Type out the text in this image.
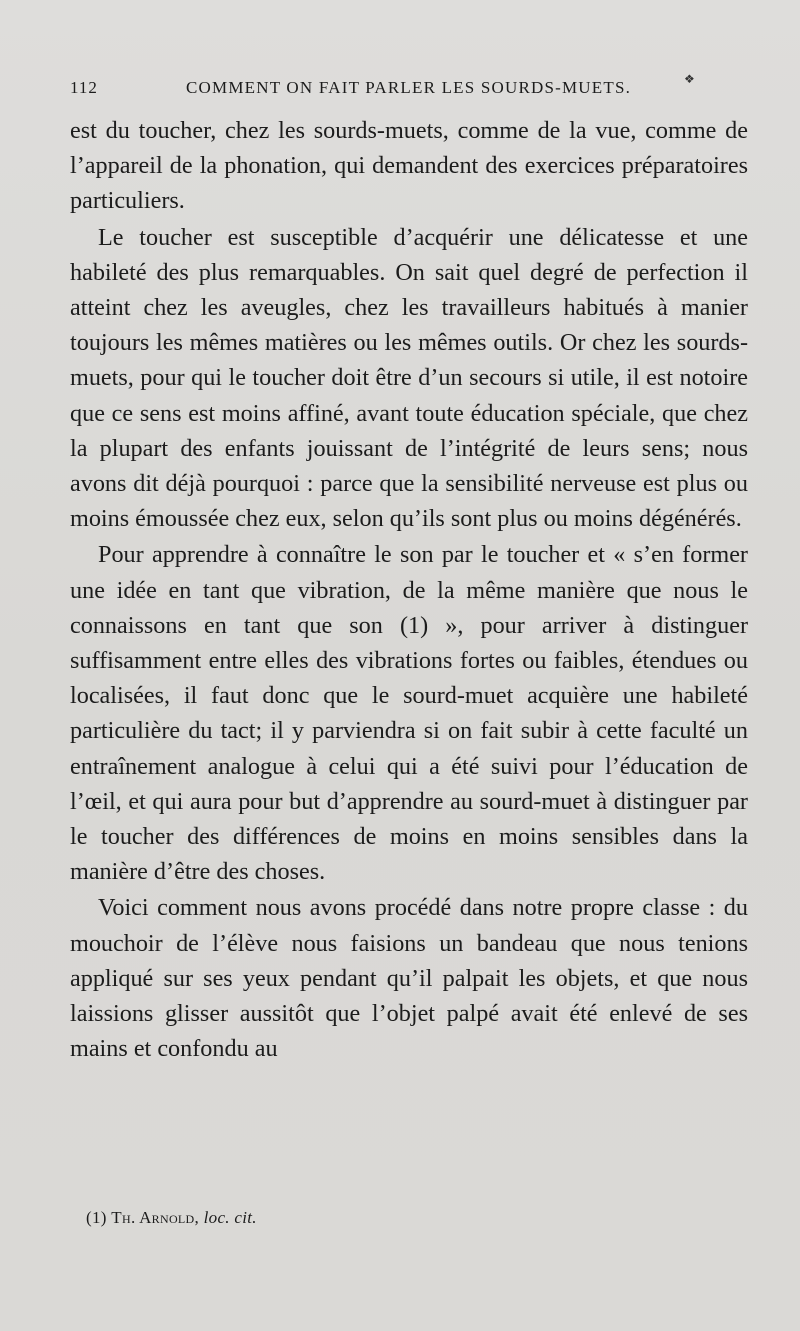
112	COMMENT ON FAIT PARLER LES SOURDS-MUETS.	❖

est du toucher, chez les sourds-muets, comme de la vue, comme de l’appareil de la phonation, qui demandent des exercices préparatoires particuliers.

Le toucher est susceptible d’acquérir une délicatesse et une habileté des plus remarquables. On sait quel degré de perfection il atteint chez les aveugles, chez les travailleurs habitués à manier toujours les mêmes matières ou les mêmes outils. Or chez les sourds-muets, pour qui le toucher doit être d’un secours si utile, il est notoire que ce sens est moins affiné, avant toute éducation spéciale, que chez la plupart des enfants jouissant de l’intégrité de leurs sens; nous avons dit déjà pourquoi : parce que la sensibilité nerveuse est plus ou moins émoussée chez eux, selon qu’ils sont plus ou moins dégénérés.

Pour apprendre à connaître le son par le toucher et « s’en former une idée en tant que vibration, de la même manière que nous le connaissons en tant que son (1) », pour arriver à distinguer suffisamment entre elles des vibrations fortes ou faibles, étendues ou localisées, il faut donc que le sourd-muet acquière une habileté particulière du tact; il y parviendra si on fait subir à cette faculté un entraînement analogue à celui qui a été suivi pour l’éducation de l’œil, et qui aura pour but d’apprendre au sourd-muet à distinguer par le toucher des différences de moins en moins sensibles dans la manière d’être des choses.

Voici comment nous avons procédé dans notre propre classe : du mouchoir de l’élève nous faisions un bandeau que nous tenions appliqué sur ses yeux pendant qu’il palpait les objets, et que nous laissions glisser aussitôt que l’objet palpé avait été enlevé de ses mains et confondu au

(1) Th. Arnold, loc. cit.
